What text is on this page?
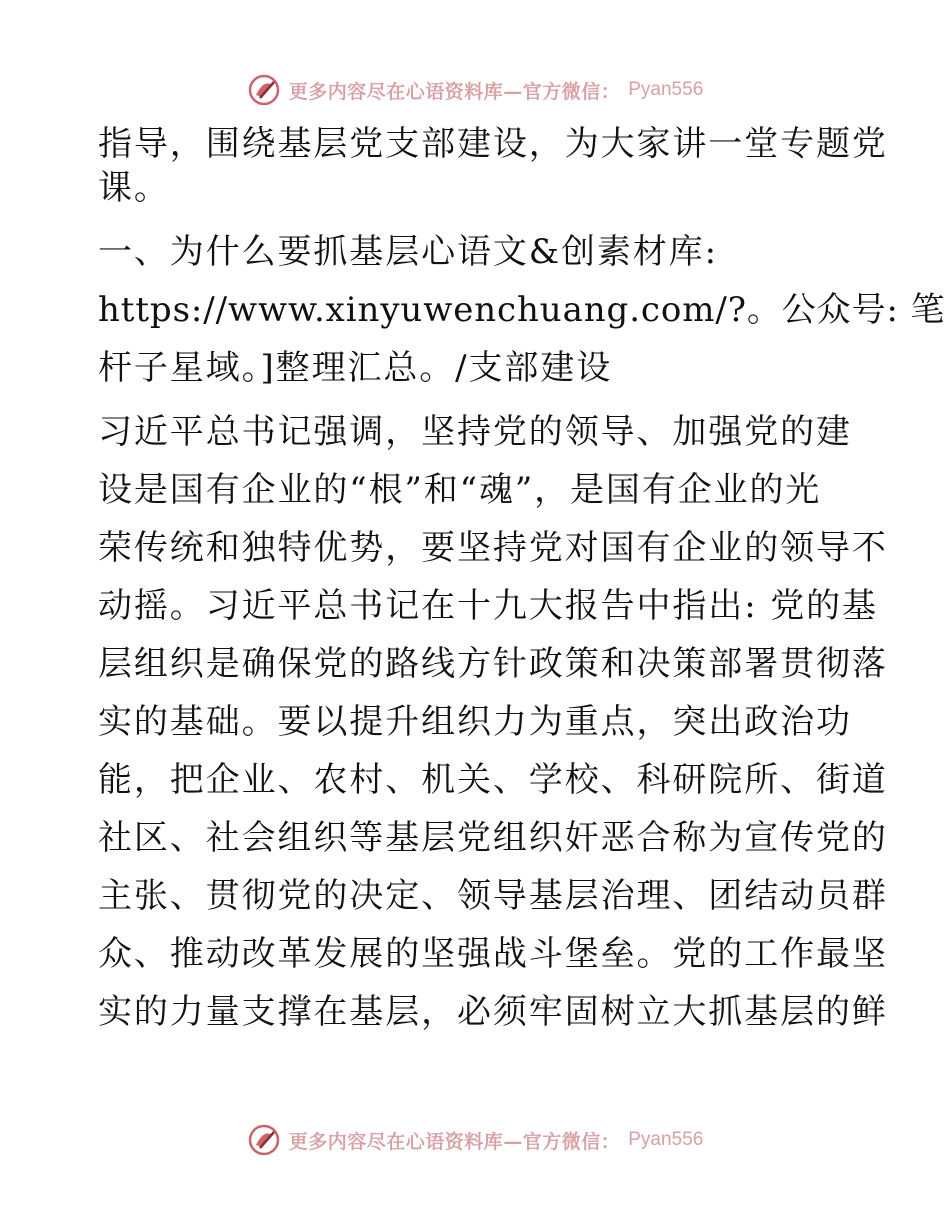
更多内容尽在心语资料库—官方微信： Pyan556
指导，围绕基层党支部建设，为大家讲一堂专题党
课。
一、为什么要抓基层心语文&创素材库:
https://www.xinyuwenchuang.com/?。公众号: 笔
杆子星域。]整理汇总。/支部建设
习近平总书记强调，坚持党的领导、加强党的建
设是国有企业的“根”和“魂”，是国有企业的光
荣传统和独特优势，要坚持党对国有企业的领导不
动摇。习近平总书记在十九大报告中指出: 党的基
层组织是确保党的路线方针政策和决策部署贯彻落
实的基础。要以提升组织力为重点，突出政治功
能，把企业、农村、机关、学校、科研院所、街道
社区、社会组织等基层党组织奸恶合称为宣传党的
主张、贯彻党的决定、领导基层治理、团结动员群
众、推动改革发展的坚强战斗堡垒。党的工作最坚
实的力量支撑在基层，必须牢固树立大抓基层的鲜
更多内容尽在心语资料库—官方微信： Pyan556
